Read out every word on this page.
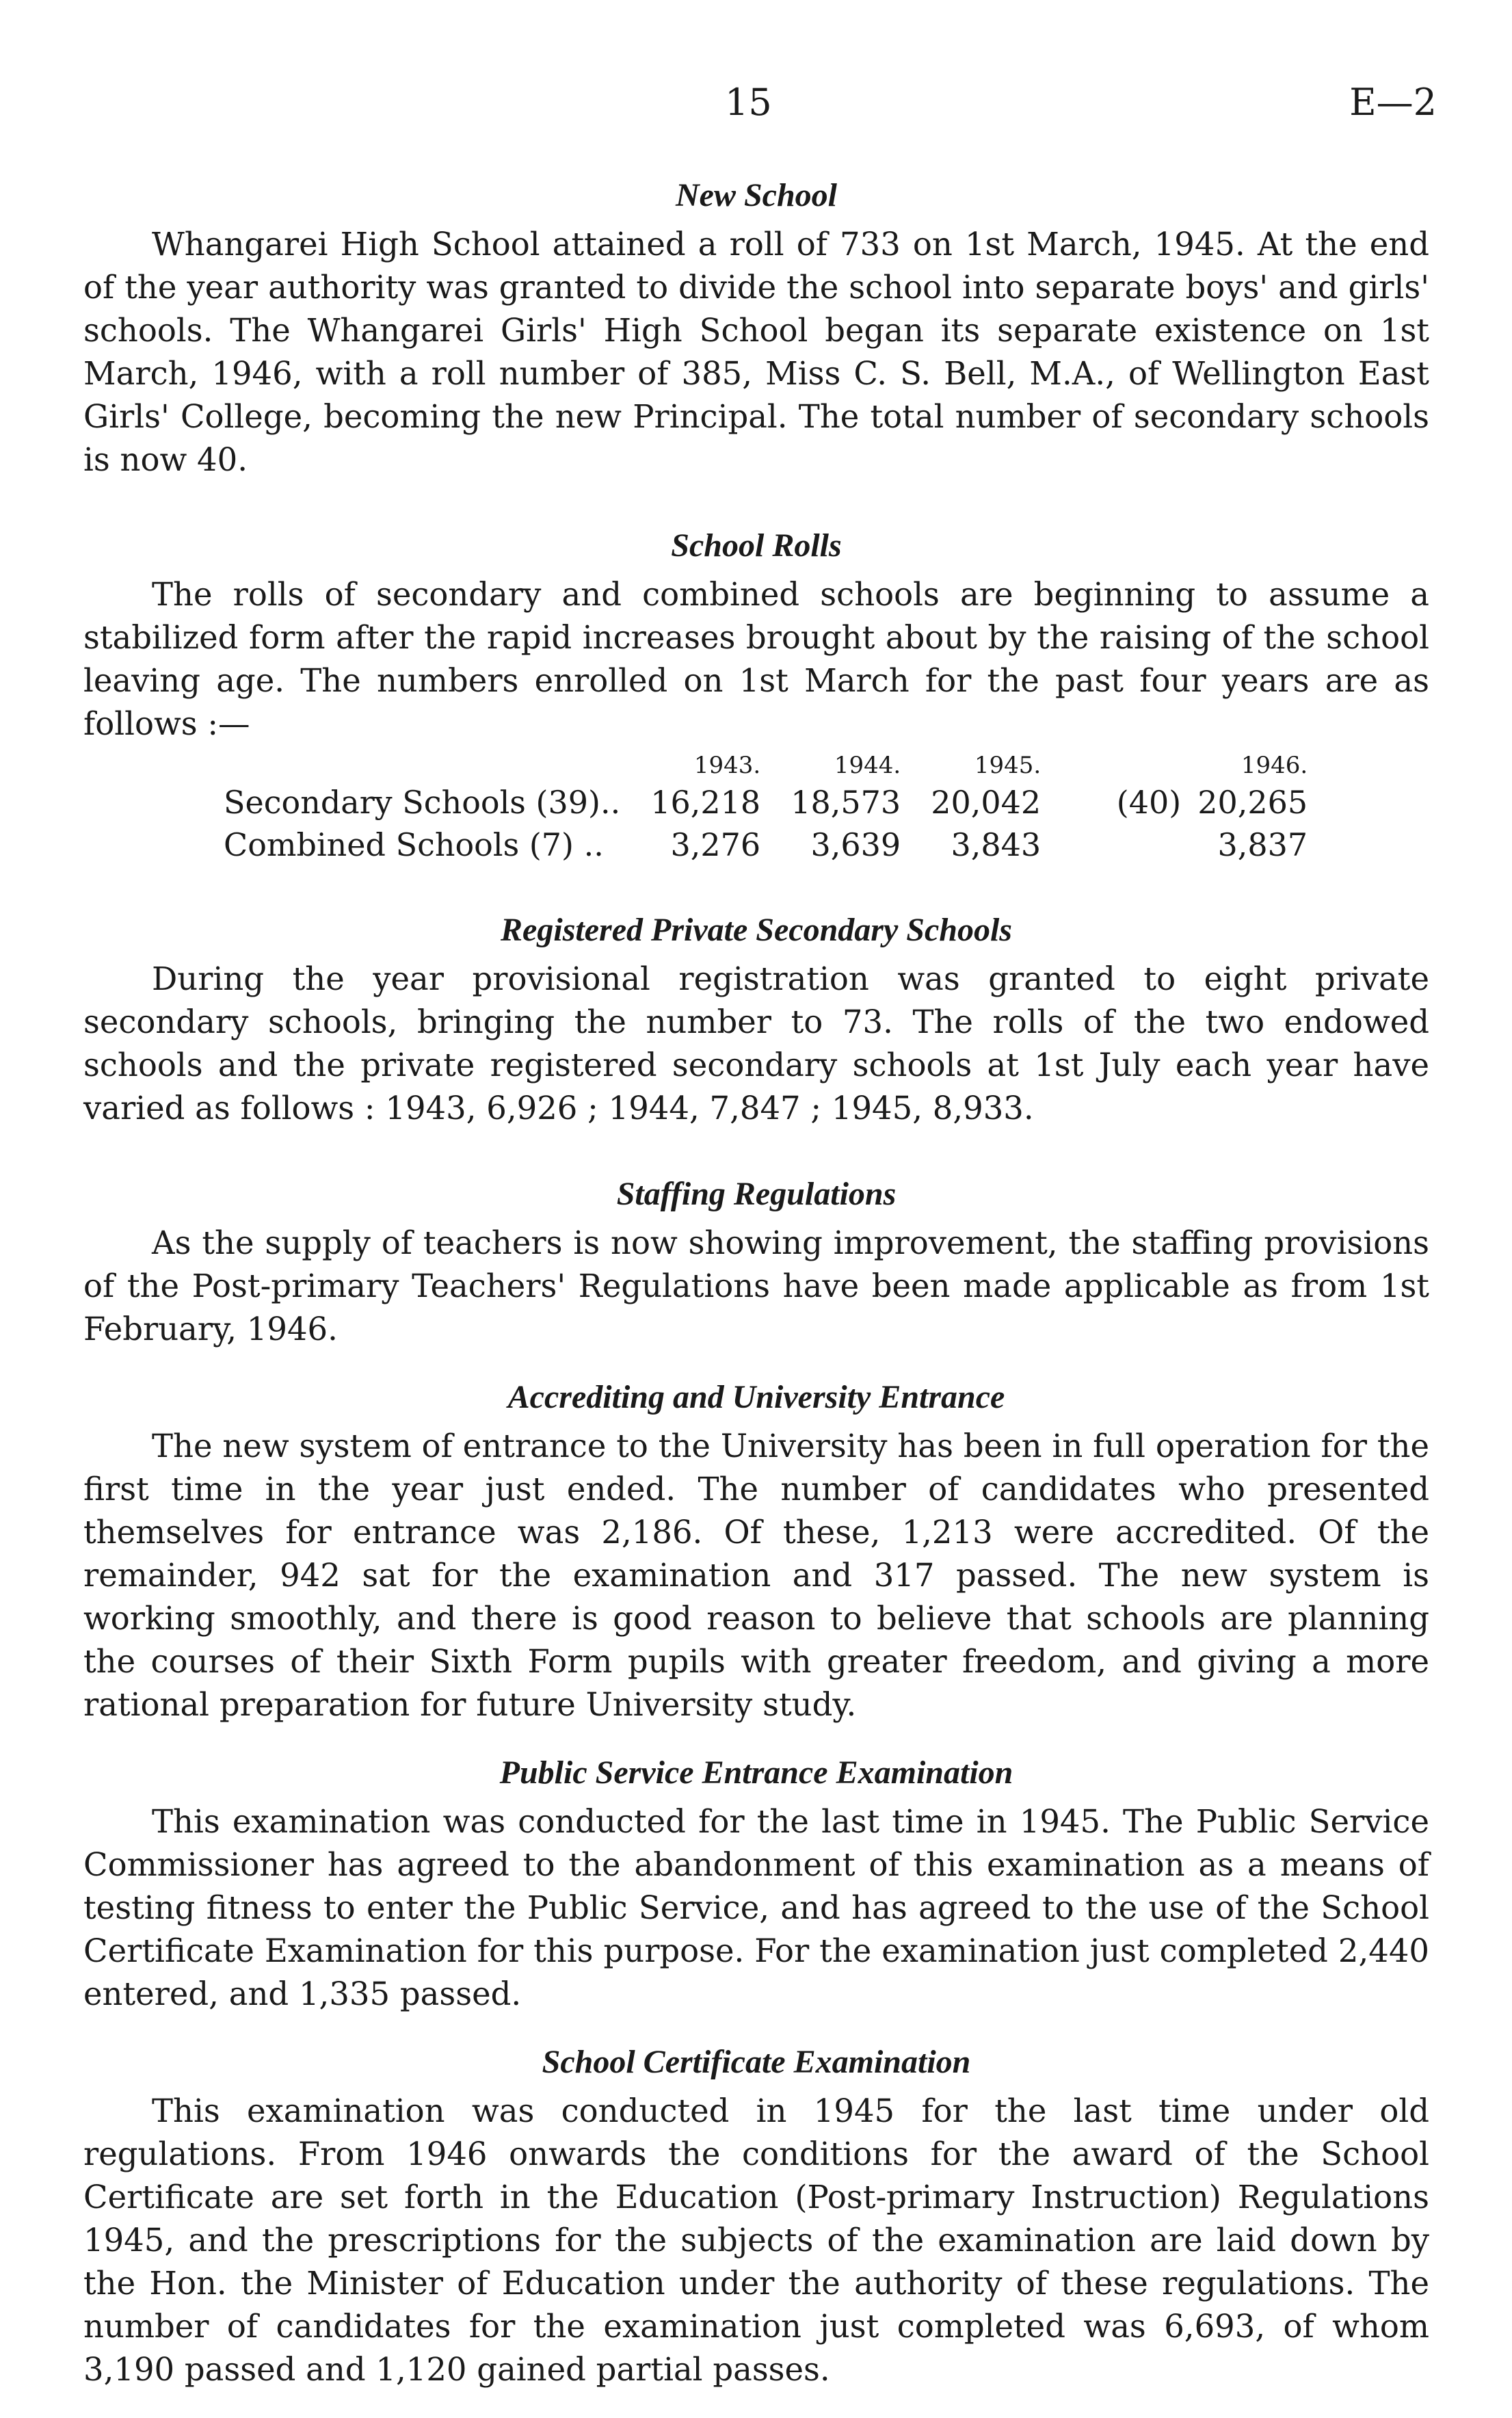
15	E—2
New School

Whangarei High School attained a roll of 733 on 1st March, 1945. At the end of the year authority was granted to divide the school into separate boys' and girls' schools. The Whangarei Girls' High School began its separate existence on 1st March, 1946, with a roll number of 385, Miss C. S. Bell, M.A., of Wellington East Girls' College, becoming the new Principal. The total number of secondary schools is now 40.

School Rolls

The rolls of secondary and combined schools are beginning to assume a stabilized form after the rapid increases brought about by the raising of the school leaving age. The numbers enrolled on 1st March for the past four years are as follows :—

	1943.	1944.	1945.		1946.
Secondary Schools (39)..	16,218	18,573	20,042	(40)	20,265
Combined Schools (7) ..	3,276	3,639	3,843		3,837
Registered Private Secondary Schools

During the year provisional registration was granted to eight private secondary schools, bringing the number to 73. The rolls of the two endowed schools and the private registered secondary schools at 1st July each year have varied as follows : 1943, 6,926 ; 1944, 7,847 ; 1945, 8,933.

Staffing Regulations

As the supply of teachers is now showing improvement, the staffing provisions of the Post-primary Teachers' Regulations have been made applicable as from 1st February, 1946.

Accrediting and University Entrance

The new system of entrance to the University has been in full operation for the first time in the year just ended. The number of candidates who presented themselves for entrance was 2,186. Of these, 1,213 were accredited. Of the remainder, 942 sat for the examination and 317 passed. The new system is working smoothly, and there is good reason to believe that schools are planning the courses of their Sixth Form pupils with greater freedom, and giving a more rational preparation for future University study.

Public Service Entrance Examination

This examination was conducted for the last time in 1945. The Public Service Commissioner has agreed to the abandonment of this examination as a means of testing fitness to enter the Public Service, and has agreed to the use of the School Certificate Examination for this purpose. For the examination just completed 2,440 entered, and 1,335 passed.

School Certificate Examination

This examination was conducted in 1945 for the last time under old regulations. From 1946 onwards the conditions for the award of the School Certificate are set forth in the Education (Post-primary Instruction) Regulations 1945, and the prescriptions for the subjects of the examination are laid down by the Hon. the Minister of Education under the authority of these regulations. The number of candidates for the examination just completed was 6,693, of whom 3,190 passed and 1,120 gained partial passes.
